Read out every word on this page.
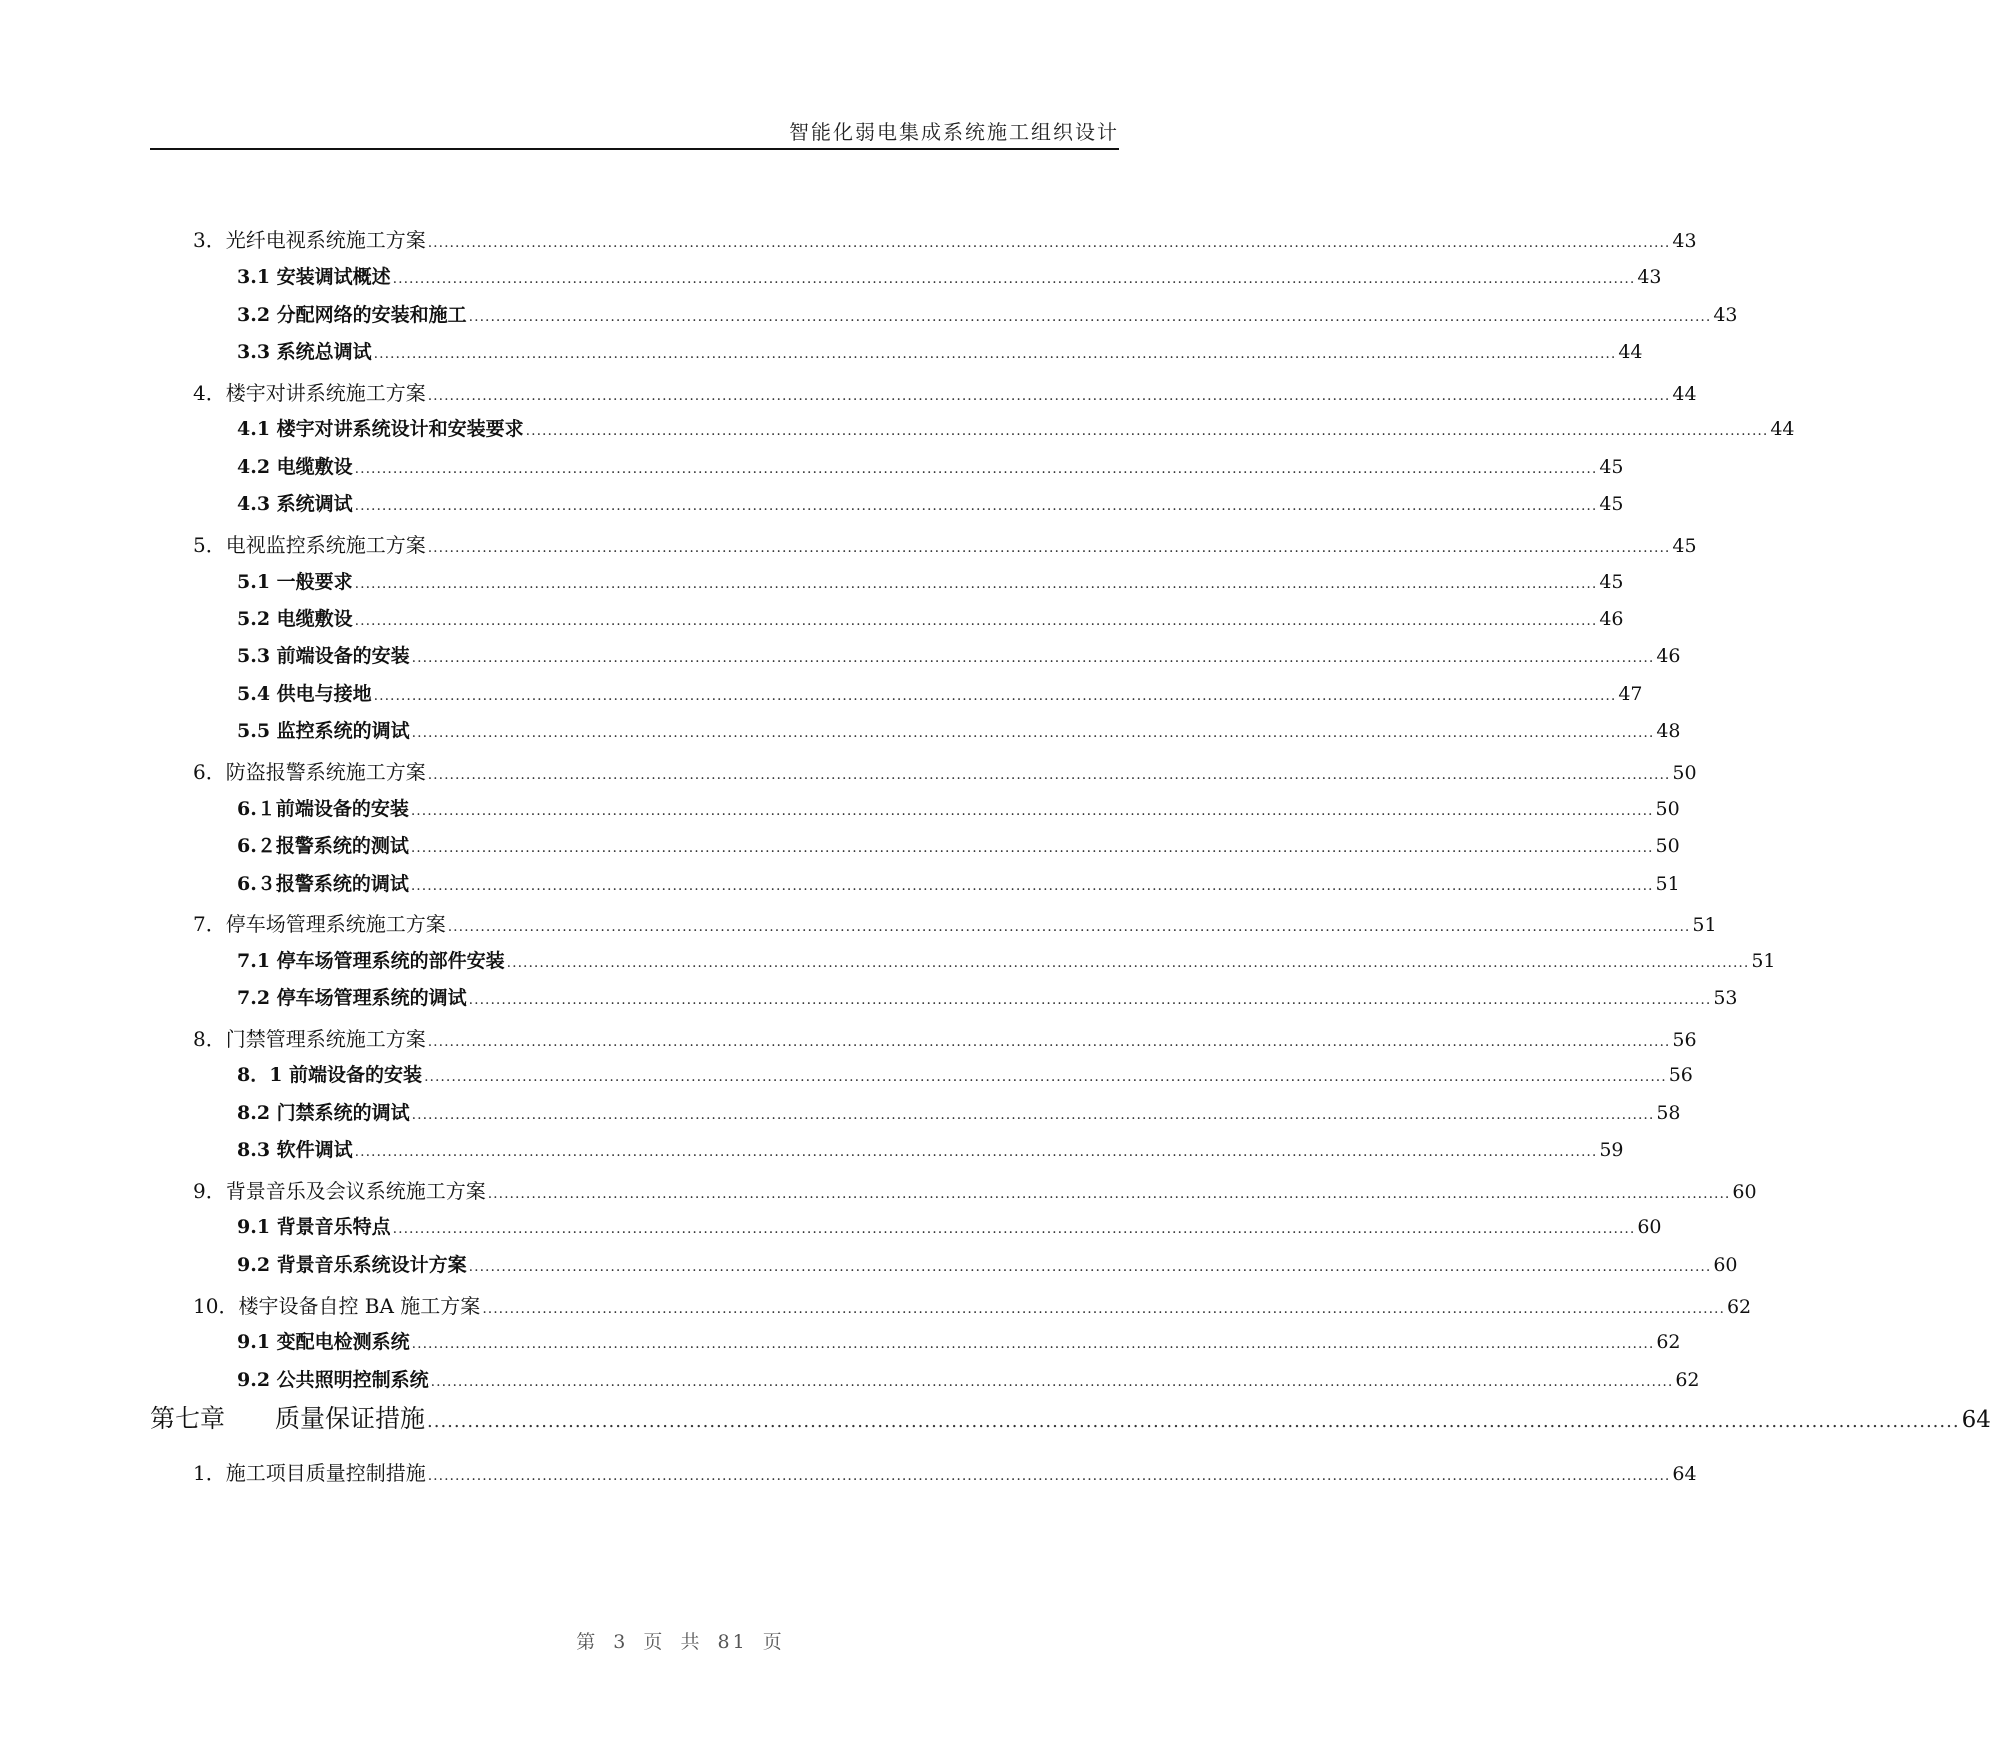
智能化弱电集成系统施工组织设计
3．光纤电视系统施工方案 .................................................................................................................................................................................................................................... 43
3.1 安装调试概述 .................................................................................................................................................................................................................................... 43
3.2 分配网络的安装和施工 .................................................................................................................................................................................................................................... 43
3.3 系统总调试 .................................................................................................................................................................................................................................... 44
4．楼宇对讲系统施工方案 .................................................................................................................................................................................................................................... 44
4.1 楼宇对讲系统设计和安装要求 .................................................................................................................................................................................................................................... 44
4.2 电缆敷设 .................................................................................................................................................................................................................................... 45
4.3 系统调试 .................................................................................................................................................................................................................................... 45
5．电视监控系统施工方案 .................................................................................................................................................................................................................................... 45
5.1 一般要求 .................................................................................................................................................................................................................................... 45
5.2 电缆敷设 .................................................................................................................................................................................................................................... 46
5.3 前端设备的安装 .................................................................................................................................................................................................................................... 46
5.4 供电与接地 .................................................................................................................................................................................................................................... 47
5.5 监控系统的调试 .................................................................................................................................................................................................................................... 48
6．防盗报警系统施工方案 .................................................................................................................................................................................................................................... 50
6.１前端设备的安装 .................................................................................................................................................................................................................................... 50
6.２报警系统的测试 .................................................................................................................................................................................................................................... 50
6.３报警系统的调试 .................................................................................................................................................................................................................................... 51
7．停车场管理系统施工方案 .................................................................................................................................................................................................................................... 51
7.1 停车场管理系统的部件安装 .................................................................................................................................................................................................................................... 51
7.2 停车场管理系统的调试 .................................................................................................................................................................................................................................... 53
8．门禁管理系统施工方案 .................................................................................................................................................................................................................................... 56
8．1 前端设备的安装 .................................................................................................................................................................................................................................... 56
8.2 门禁系统的调试 .................................................................................................................................................................................................................................... 58
8.3 软件调试 .................................................................................................................................................................................................................................... 59
9．背景音乐及会议系统施工方案 .................................................................................................................................................................................................................................... 60
9.1 背景音乐特点 .................................................................................................................................................................................................................................... 60
9.2 背景音乐系统设计方案 .................................................................................................................................................................................................................................... 60
10．楼宇设备自控 BA 施工方案 .................................................................................................................................................................................................................................... 62
9.1 变配电检测系统 .................................................................................................................................................................................................................................... 62
9.2 公共照明控制系统 .................................................................................................................................................................................................................................... 62
第七章　　质量保证措施 .................................................................................................................................................................................................................................... 64
1．施工项目质量控制措施 .................................................................................................................................................................................................................................... 64
第 3 页 共 81 页
